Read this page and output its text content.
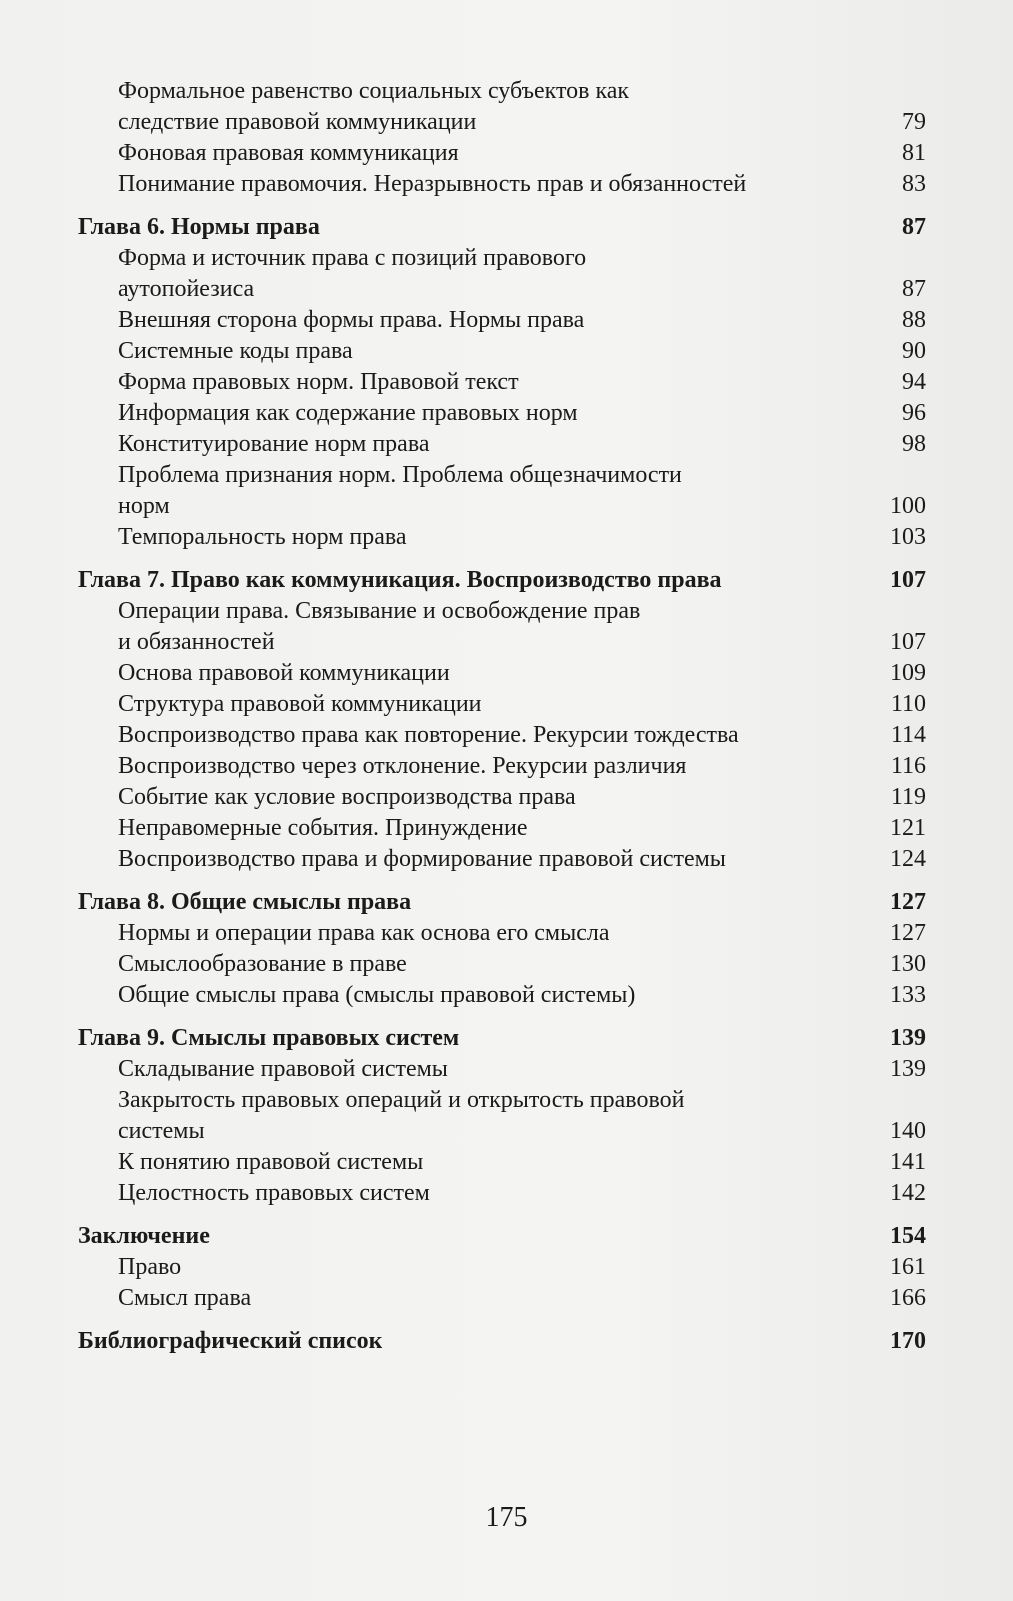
Формальное равенство социальных субъектов как
следствие правовой коммуникации	79
Фоновая правовая коммуникация	81
Понимание правомочия. Неразрывность прав и обязанностей	83
Глава 6. Нормы права	87
Форма и источник права с позиций правового
аутопойезиса	87
Внешняя сторона формы права. Нормы права	88
Системные коды права	90
Форма правовых норм. Правовой текст	94
Информация как содержание правовых норм	96
Конституирование норм права	98
Проблема признания норм. Проблема общезначимости
норм	100
Темпоральность норм права	103
Глава 7. Право как коммуникация. Воспроизводство права	107
Операции права. Связывание и освобождение прав
и обязанностей	107
Основа правовой коммуникации	109
Структура правовой коммуникации	110
Воспроизводство права как повторение. Рекурсии тождества	114
Воспроизводство через отклонение. Рекурсии различия	116
Событие как условие воспроизводства права	119
Неправомерные события. Принуждение	121
Воспроизводство права и формирование правовой системы	124
Глава 8. Общие смыслы права	127
Нормы и операции права как основа его смысла	127
Смыслообразование в праве	130
Общие смыслы права (смыслы правовой системы)	133
Глава 9. Смыслы правовых систем	139
Складывание правовой системы	139
Закрытость правовых операций и открытость правовой
системы	140
К понятию правовой системы	141
Целостность правовых систем	142
Заключение	154
Право	161
Смысл права	166
Библиографический список	170
175
